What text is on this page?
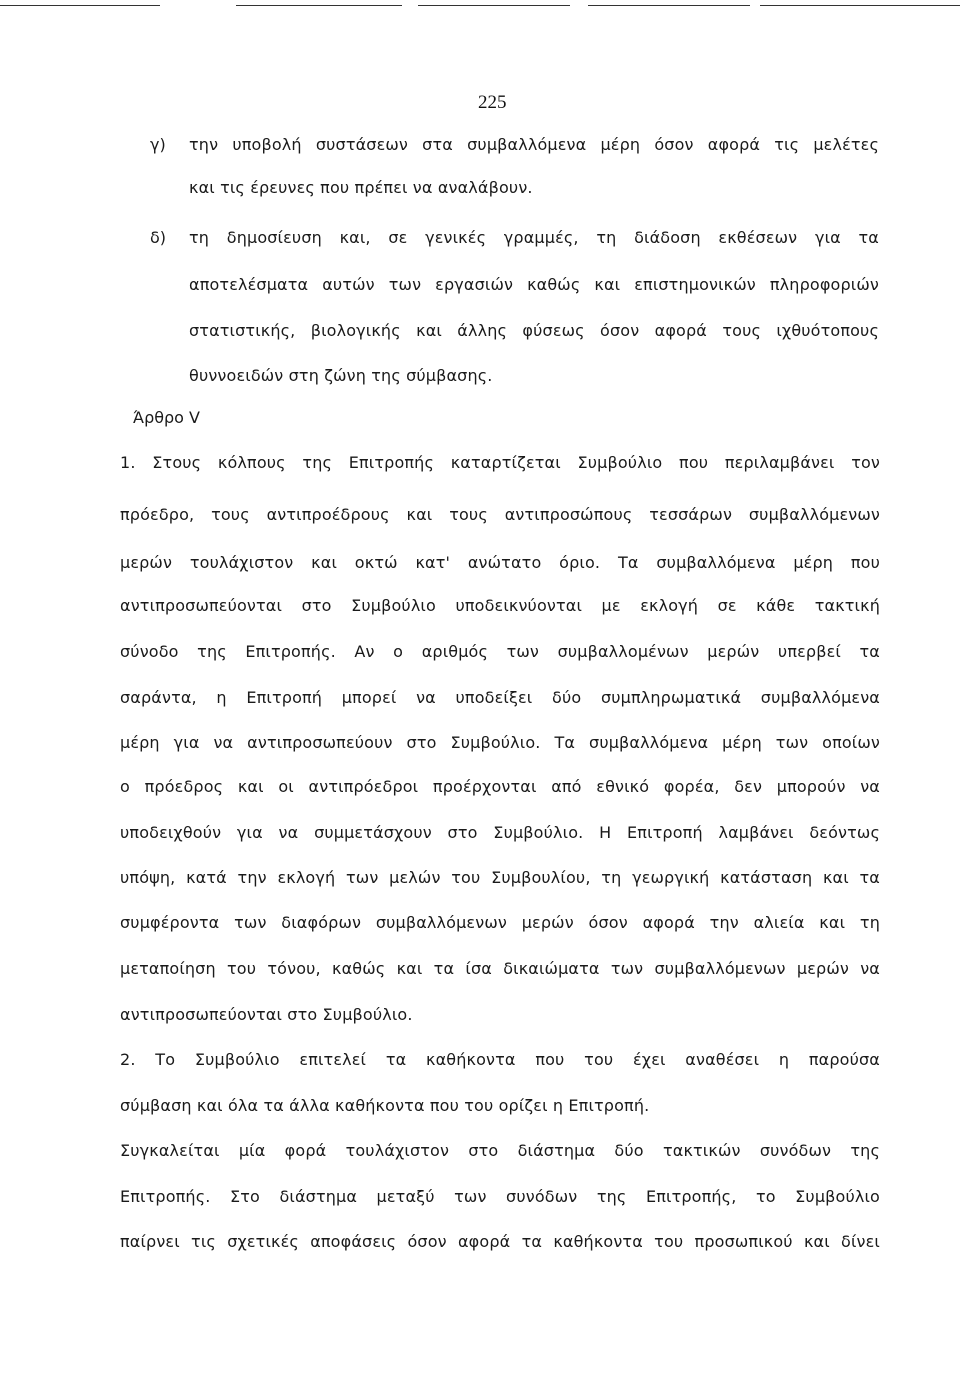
225
γ) την υποβολή συστάσεων στα συμβαλλόμενα μέρη όσον αφορά τις μελέτες
και τις έρευνες που πρέπει να αναλάβουν.
δ) τη δημοσίευση και, σε γενικές γραμμές, τη διάδοση εκθέσεων για τα
αποτελέσματα αυτών των εργασιών καθώς και επιστημονικών πληροφοριών
στατιστικής, βιολογικής και άλλης φύσεως όσον αφορά τους ιχθυότοπους
θυννοειδών στη ζώνη της σύμβασης.
Άρθρο V
1. Στους κόλπους της Επιτροπής καταρτίζεται Συμβούλιο που περιλαμβάνει τον
πρόεδρο, τους αντιπροέδρους και τους αντιπροσώπους τεσσάρων συμβαλλόμενων
μερών τουλάχιστον και οκτώ κατ' ανώτατο όριο. Τα συμβαλλόμενα μέρη που
αντιπροσωπεύονται στο Συμβούλιο υποδεικνύονται με εκλογή σε κάθε τακτική
σύνοδο της Επιτροπής. Αν ο αριθμός των συμβαλλομένων μερών υπερβεί τα
σαράντα, η Επιτροπή μπορεί να υποδείξει δύο συμπληρωματικά συμβαλλόμενα
μέρη για να αντιπροσωπεύουν στο Συμβούλιο. Τα συμβαλλόμενα μέρη των οποίων
ο πρόεδρος και οι αντιπρόεδροι προέρχονται από εθνικό φορέα, δεν μπορούν να
υποδειχθούν για να συμμετάσχουν στο Συμβούλιο. Η Επιτροπή λαμβάνει δεόντως
υπόψη, κατά την εκλογή των μελών του Συμβουλίου, τη γεωργική κατάσταση και τα
συμφέροντα των διαφόρων συμβαλλόμενων μερών όσον αφορά την αλιεία και τη
μεταποίηση του τόνου, καθώς και τα ίσα δικαιώματα των συμβαλλόμενων μερών να
αντιπροσωπεύονται στο Συμβούλιο.
2. Το Συμβούλιο επιτελεί τα καθήκοντα που του έχει αναθέσει η παρούσα
σύμβαση και όλα τα άλλα καθήκοντα που του ορίζει η Επιτροπή.
Συγκαλείται μία φορά τουλάχιστον στο διάστημα δύο τακτικών συνόδων της
Επιτροπής. Στο διάστημα μεταξύ των συνόδων της Επιτροπής, το Συμβούλιο
παίρνει τις σχετικές αποφάσεις όσον αφορά τα καθήκοντα του προσωπικού και δίνει
